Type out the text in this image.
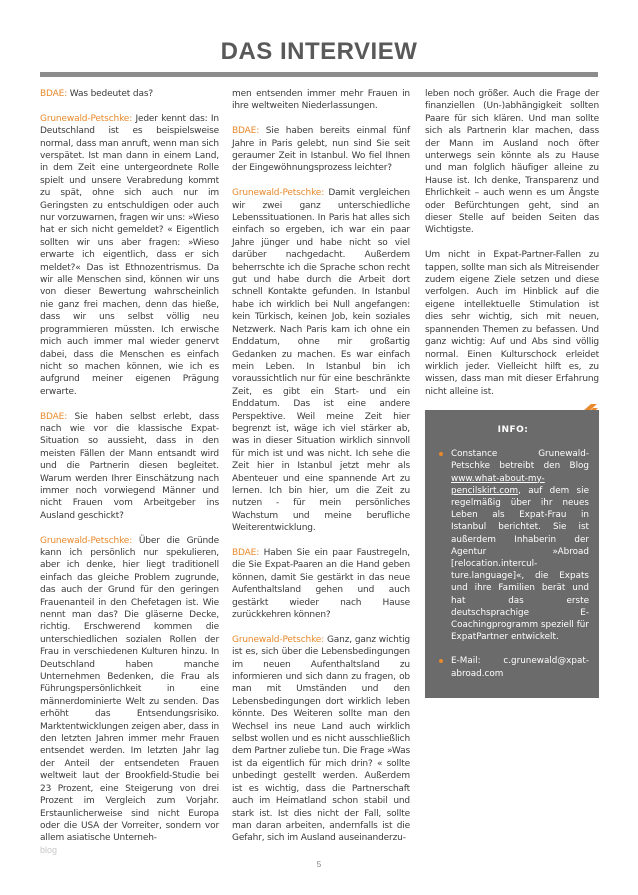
DAS INTERVIEW

BDAE: Was bedeutet das?

Grunewald-Petschke: Jeder kennt das: In Deutschland ist es beispielsweise normal, dass man anruft, wenn man sich verspätet. Ist man dann in einem Land, in dem Zeit eine untergeordnete Rolle spielt und unsere Verabredung kommt zu spät, ohne sich auch nur im Geringsten zu entschuldigen oder auch nur vorzuwarnen, fragen wir uns: »Wieso hat er sich nicht gemeldet? « Eigentlich sollten wir uns aber fragen: »Wieso erwarte ich eigentlich, dass er sich meldet?« Das ist Ethnozentrismus. Da wir alle Menschen sind, können wir uns von dieser Bewertung wahrscheinlich nie ganz frei machen, denn das hieße, dass wir uns selbst völlig neu programmieren müssten. Ich erwische mich auch immer mal wieder genervt dabei, dass die Menschen es einfach nicht so machen können, wie ich es aufgrund meiner eigenen Prägung erwarte.

BDAE: Sie haben selbst erlebt, dass nach wie vor die klassische Expat-Situation so aussieht, dass in den meisten Fällen der Mann entsandt wird und die Partnerin diesen begleitet. Warum werden Ihrer Einschätzung nach immer noch vorwiegend Männer und nicht Frauen vom Arbeitgeber ins Ausland geschickt?

Grunewald-Petschke: Über die Gründe kann ich persönlich nur spekulieren, aber ich denke, hier liegt traditionell einfach das gleiche Problem zugrunde, das auch der Grund für den geringen Frauenanteil in den Chefetagen ist. Wie nennt man das? Die gläserne Decke, richtig. Erschwerend kommen die unterschiedlichen sozialen Rollen der Frau in verschiedenen Kulturen hinzu. In Deutschland haben manche Unternehmen Bedenken, die Frau als Führungspersönlichkeit in eine männerdominierte Welt zu senden. Das erhöht das Entsendungsrisiko. Marktentwicklungen zeigen aber, dass in den letzten Jahren immer mehr Frauen entsendet werden. Im letzten Jahr lag der Anteil der entsendeten Frauen weltweit laut der Brookfield-Studie bei 23 Prozent, eine Steigerung von drei Prozent im Vergleich zum Vorjahr. Erstaunlicherweise sind nicht Europa oder die USA der Vorreiter, sondern vor allem asiatische Unterneh-

men entsenden immer mehr Frauen in ihre weltweiten Niederlassungen.

BDAE: Sie haben bereits einmal fünf Jahre in Paris gelebt, nun sind Sie seit geraumer Zeit in Istanbul. Wo fiel Ihnen der Eingewöhnungsprozess leichter?

Grunewald-Petschke: Damit vergleichen wir zwei ganz unterschiedliche Lebenssituationen. In Paris hat alles sich einfach so ergeben, ich war ein paar Jahre jünger und habe nicht so viel darüber nachgedacht. Außerdem beherrschte ich die Sprache schon recht gut und habe durch die Arbeit dort schnell Kontakte gefunden. In Istanbul habe ich wirklich bei Null angefangen: kein Türkisch, keinen Job, kein soziales Netzwerk. Nach Paris kam ich ohne ein Enddatum, ohne mir großartig Gedanken zu machen. Es war einfach mein Leben. In Istanbul bin ich voraussichtlich nur für eine beschränkte Zeit, es gibt ein Start- und ein Enddatum. Das ist eine andere Perspektive. Weil meine Zeit hier begrenzt ist, wäge ich viel stärker ab, was in dieser Situation wirklich sinnvoll für mich ist und was nicht. Ich sehe die Zeit hier in Istanbul jetzt mehr als Abenteuer und eine spannende Art zu lernen. Ich bin hier, um die Zeit zu nutzen - für mein persönliches Wachstum und meine berufliche Weiterentwicklung.

BDAE: Haben Sie ein paar Faustregeln, die Sie Expat-Paaren an die Hand geben können, damit Sie gestärkt in das neue Aufenthaltsland gehen und auch gestärkt wieder nach Hause zurückkehren können?

Grunewald-Petschke: Ganz, ganz wichtig ist es, sich über die Lebensbedingungen im neuen Aufenthaltsland zu informieren und sich dann zu fragen, ob man mit Umständen und den Lebensbedingungen dort wirklich leben könnte. Des Weiteren sollte man den Wechsel ins neue Land auch wirklich selbst wollen und es nicht ausschließlich dem Partner zuliebe tun. Die Frage »Was ist da eigentlich für mich drin? « sollte unbedingt gestellt werden. Außerdem ist es wichtig, dass die Partnerschaft auch im Heimatland schon stabil und stark ist. Ist dies nicht der Fall, sollte man daran arbeiten, andernfalls ist die Gefahr, sich im Ausland auseinanderzu-

leben noch größer. Auch die Frage der finanziellen (Un-)abhängigkeit sollten Paare für sich klären. Und man sollte sich als Partnerin klar machen, dass der Mann im Ausland noch öfter unterwegs sein könnte als zu Hause und man folglich häufiger alleine zu Hause ist. Ich denke, Transparenz und Ehrlichkeit – auch wenn es um Ängste oder Befürchtungen geht, sind an dieser Stelle auf beiden Seiten das Wichtigste.

Um nicht in Expat-Partner-Fallen zu tappen, sollte man sich als Mitreisender zudem eigene Ziele setzen und diese verfolgen. Auch im Hinblick auf die eigene intellektuelle Stimulation ist dies sehr wichtig, sich mit neuen, spannenden Themen zu befassen. Und ganz wichtig: Auf und Abs sind völlig normal. Einen Kulturschock erleidet wirklich jeder. Vielleicht hilft es, zu wissen, dass man mit dieser Erfahrung nicht alleine ist.

INFO:
Constance Grunewald-Petschke betreibt den Blog www.what-about-my-pencilskirt.com, auf dem sie regelmäßig über ihr neues Leben als Expat-Frau in Istanbul berichtet. Sie ist außerdem Inhaberin der Agentur »Abroad [relocation.intercul-ture.language]«, die Expats und ihre Familien berät und hat das erste deutschsprachige E-Coachingprogramm speziell für ExpatPartner entwickelt.
E-Mail: c.grunewald@xpat-abroad.com
blog
5
